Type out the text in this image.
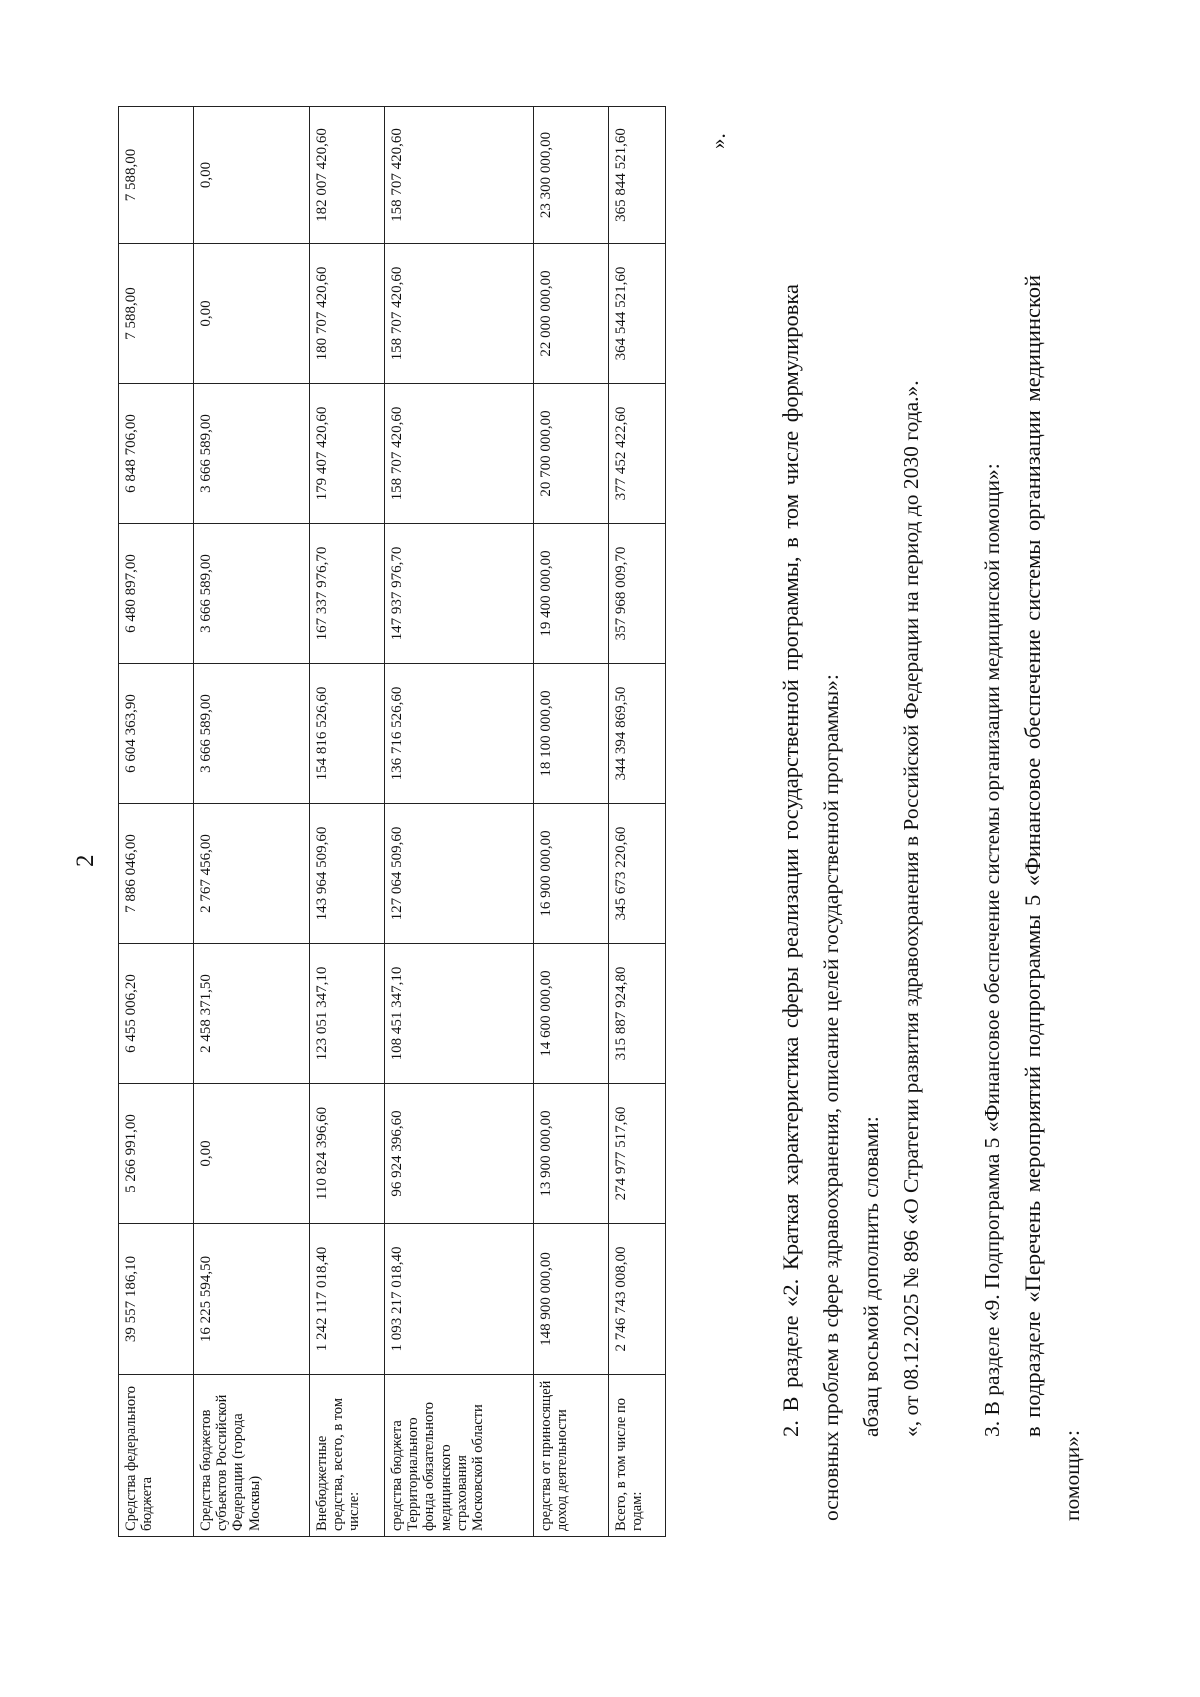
2
Средства федерального бюджета	39 557 186,10	5 266 991,00	6 455 006,20	7 886 046,00	6 604 363,90	6 480 897,00	6 848 706,00	7 588,00	7 588,00
Средства бюджетов субъектов Российской Федерации (города Москвы)	16 225 594,50	0,00	2 458 371,50	2 767 456,00	3 666 589,00	3 666 589,00	3 666 589,00	0,00	0,00
Внебюджетные средства, всего, в том числе:	1 242 117 018,40	110 824 396,60	123 051 347,10	143 964 509,60	154 816 526,60	167 337 976,70	179 407 420,60	180 707 420,60	182 007 420,60
средства бюджета Территориального фонда обязательного медицинского страхования Московской области	1 093 217 018,40	96 924 396,60	108 451 347,10	127 064 509,60	136 716 526,60	147 937 976,70	158 707 420,60	158 707 420,60	158 707 420,60
средства от приносящей доход деятельности	148 900 000,00	13 900 000,00	14 600 000,00	16 900 000,00	18 100 000,00	19 400 000,00	20 700 000,00	22 000 000,00	23 300 000,00
Всего, в том числе по годам:	2 746 743 008,00	274 977 517,60	315 887 924,80	345 673 220,60	344 394 869,50	357 968 009,70	377 452 422,60	364 544 521,60	365 844 521,60	».
2. В разделе «2. Краткая характеристика сферы реализации государственной программы, в том числе формулировка основных проблем в сфере здравоохранения, описание целей государственной программы»: абзац восьмой дополнить словами: «, от 08.12.2025 № 896 «О Стратегии развития здравоохранения в Российской Федерации на период до 2030 года.».	3. В разделе «9. Подпрограмма 5 «Финансовое обеспечение системы организации медицинской помощи»: в подразделе «Перечень мероприятий подпрограммы 5 «Финансовое обеспечение системы организации медицинской
помощи»:
